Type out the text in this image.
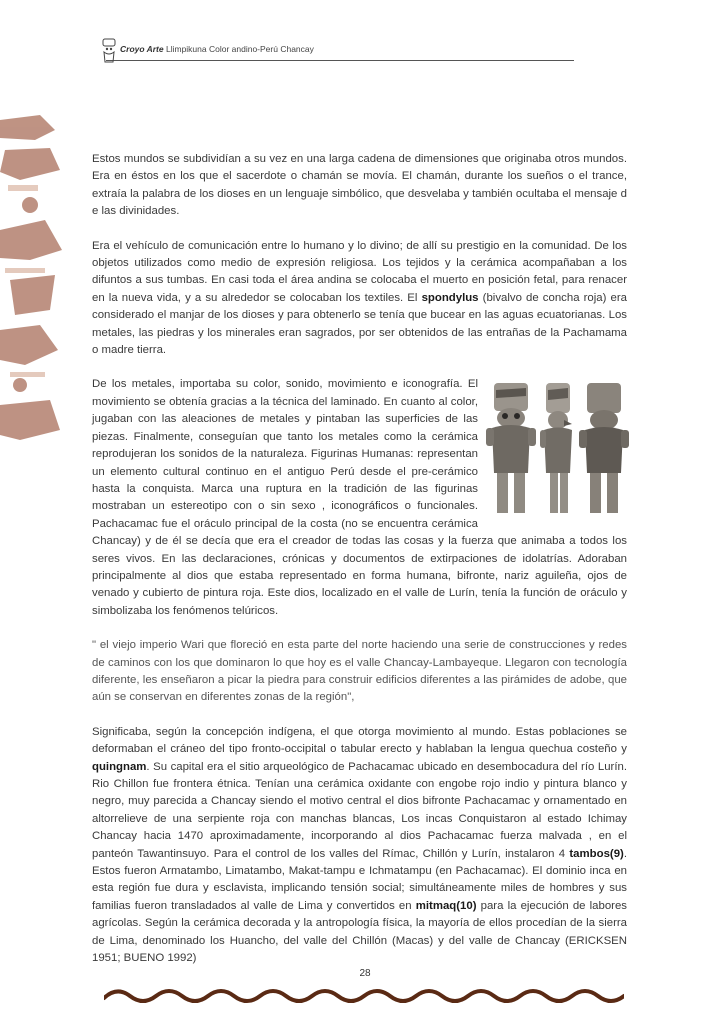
Croyo Arte Llimpikuna Color andino-Perú Chancay

Estos mundos se subdividían a su vez en una larga cadena de dimensiones que originaba otros mundos. Era en éstos en los que el sacerdote o chamán se movía. El chamán, durante los sueños o el trance, extraía la palabra de los dioses en un lenguaje simbólico, que desvelaba y también ocultaba el mensaje d e las divinidades.

Era el vehículo de comunicación entre lo humano y lo divino; de allí su prestigio en la comunidad. De los objetos utilizados como medio de expresión religiosa. Los tejidos y la cerámica acompañaban a los difuntos a sus tumbas. En casi toda el área andina se colocaba el muerto en posición fetal, para renacer en la nueva vida, y a su alrededor se colocaban los textiles. El spondylus (bivalvo de concha roja) era considerado el manjar de los dioses y para obtenerlo se tenía que bucear en las aguas ecuatorianas. Los metales, las piedras y los minerales eran sagrados, por ser obtenidos de las entrañas de la Pachamama o madre tierra.

De los metales, importaba su color, sonido, movimiento e iconografía. El movimiento se obtenía gracias a la técnica del laminado. En cuanto al color, jugaban con las aleaciones de metales y pintaban las superficies de las piezas. Finalmente, conseguían que tanto los metales como la cerámica reprodujeran los sonidos de la naturaleza. Figurinas Humanas: representan un elemento cultural continuo en el antiguo Perú desde el pre-cerámico hasta la conquista. Marca una ruptura en la tradición de las figurinas mostraban un estereotipo con o sin sexo , iconográficos o funcionales. Pachacamac fue el oráculo principal de la costa (no se encuentra cerámica Chancay) y de él se decía que era el creador de todas las cosas y la fuerza que animaba a todos los seres vivos. En las declaraciones, crónicas y documentos de extirpaciones de idolatrías. Adoraban principalmente al dios que estaba representado en forma humana, bifronte, nariz aguileña, ojos de venado y cubierto de pintura roja. Este dios, localizado en el valle de Lurín, tenía la función de oráculo y simbolizaba los fenómenos telúricos.

" el viejo imperio Wari que floreció en esta parte del norte haciendo una serie de construcciones y redes de caminos con los que dominaron lo que hoy es el valle Chancay-Lambayeque. Llegaron con tecnología diferente, les enseñaron a picar la piedra para construir edificios diferentes a las pirámides de adobe, que aún se conservan en diferentes zonas de la región",

Significaba, según la concepción indígena, el que otorga movimiento al mundo. Estas poblaciones se deformaban el cráneo del tipo fronto-occipital o tabular erecto y hablaban la lengua quechua costeño y quingnam. Su capital era el sitio arqueológico de Pachacamac ubicado en desembocadura del río Lurín. Rio Chillon fue frontera étnica. Tenían una cerámica oxidante con engobe rojo indio y pintura blanco y negro, muy parecida a Chancay siendo el motivo central el dios bifronte Pachacamac y ornamentado en altorrelieve de una serpiente roja con manchas blancas, Los incas Conquistaron al estado Ichimay Chancay hacia 1470 aproximadamente, incorporando al dios Pachacamac fuerza malvada , en el panteón Tawantinsuyo. Para el control de los valles del Rímac, Chillón y Lurín, instalaron 4 tambos(9). Estos fueron Armatambo, Limatambo, Makat-tampu e Ichmatampu (en Pachacamac). El dominio inca en esta región fue dura y esclavista, implicando tensión social; simultáneamente miles de hombres y sus familias fueron transladados al valle de Lima y convertidos en mitmaq(10) para la ejecución de labores agrícolas. Según la cerámica decorada y la antropología física, la mayoría de ellos procedían de la sierra de Lima, denominado los Huancho, del valle del Chillón (Macas) y del valle de Chancay (ERICKSEN 1951; BUENO 1992)

28
